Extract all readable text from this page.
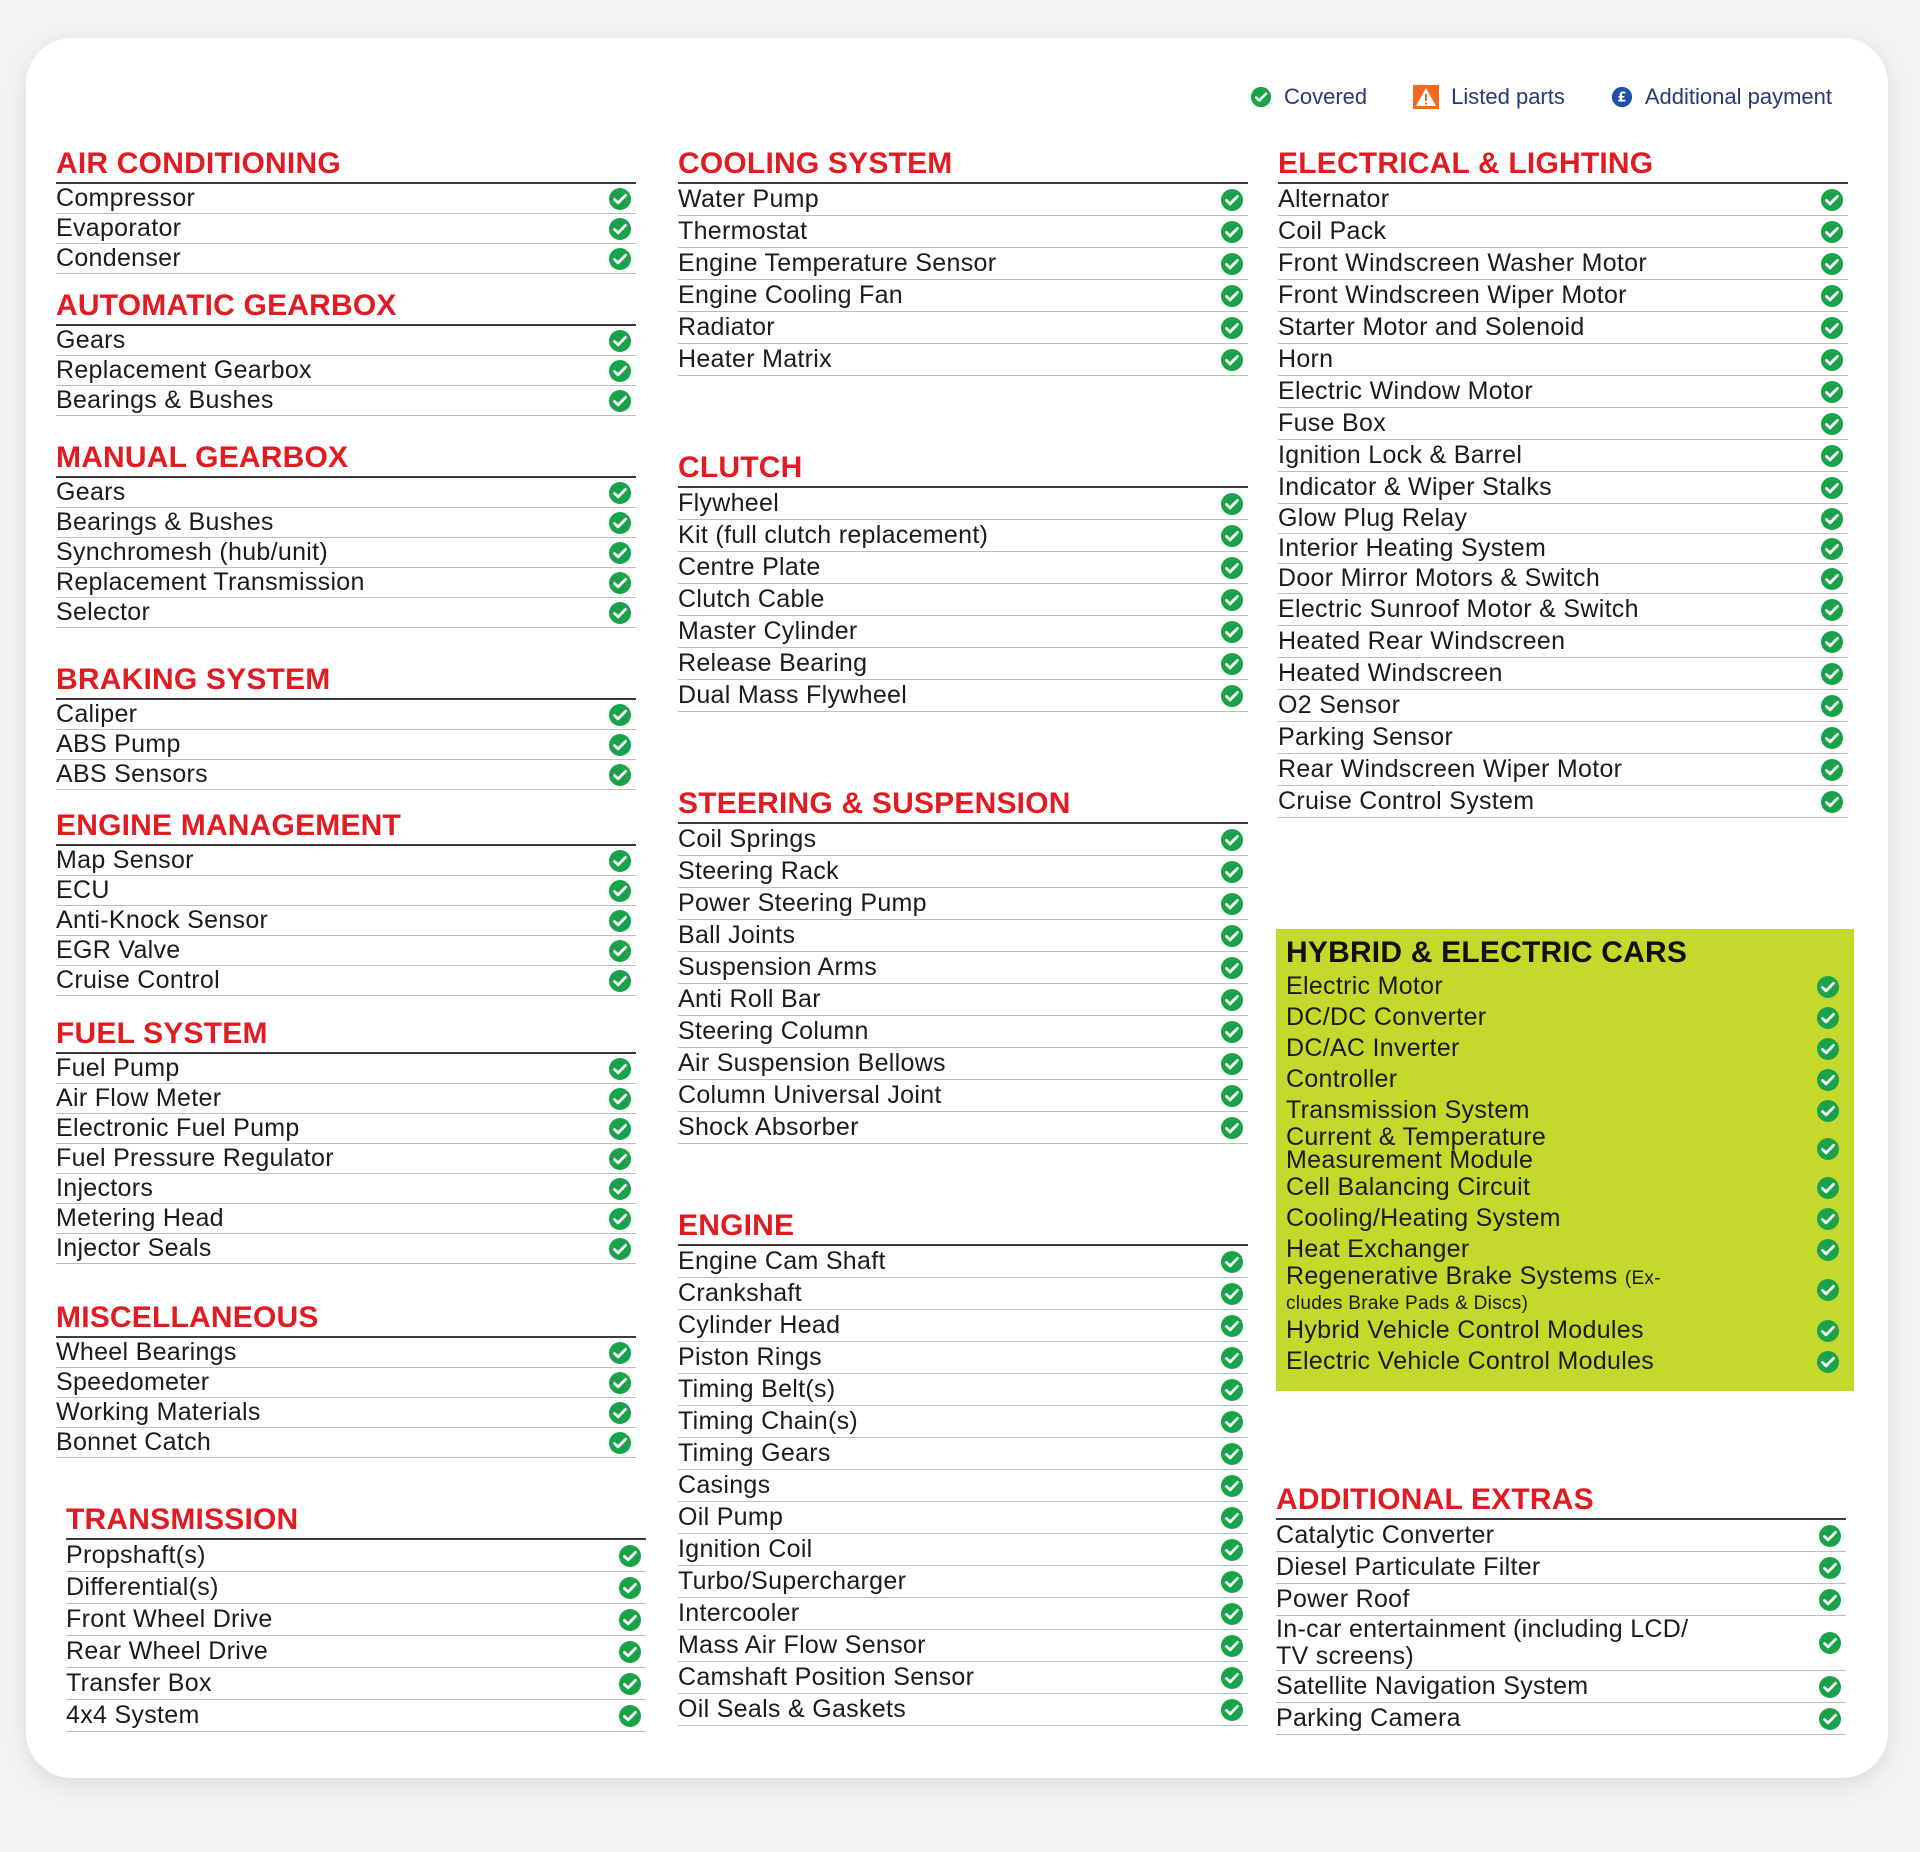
Covered	Listed parts	£ Additional payment
AIR CONDITIONING
Compressor
Evaporator
Condenser
AUTOMATIC GEARBOX
Gears
Replacement Gearbox
Bearings & Bushes
MANUAL GEARBOX
Gears
Bearings & Bushes
Synchromesh (hub/unit)
Replacement Transmission
Selector
BRAKING SYSTEM
Caliper
ABS Pump
ABS Sensors
ENGINE MANAGEMENT
Map Sensor
ECU
Anti-Knock Sensor
EGR Valve
Cruise Control
FUEL SYSTEM
Fuel Pump
Air Flow Meter
Electronic Fuel Pump
Fuel Pressure Regulator
Injectors
Metering Head
Injector Seals
MISCELLANEOUS
Wheel Bearings
Speedometer
Working Materials
Bonnet Catch
TRANSMISSION
Propshaft(s)
Differential(s)
Front Wheel Drive
Rear Wheel Drive
Transfer Box
4x4 System
COOLING SYSTEM
Water Pump
Thermostat
Engine Temperature Sensor
Engine Cooling Fan
Radiator
Heater Matrix
CLUTCH
Flywheel
Kit (full clutch replacement)
Centre Plate
Clutch Cable
Master Cylinder
Release Bearing
Dual Mass Flywheel
STEERING & SUSPENSION
Coil Springs
Steering Rack
Power Steering Pump
Ball Joints
Suspension Arms
Anti Roll Bar
Steering Column
Air Suspension Bellows
Column Universal Joint
Shock Absorber
ENGINE
Engine Cam Shaft
Crankshaft
Cylinder Head
Piston Rings
Timing Belt(s)
Timing Chain(s)
Timing Gears
Casings
Oil Pump
Ignition Coil
Turbo/Supercharger
Intercooler
Mass Air Flow Sensor
Camshaft Position Sensor
Oil Seals & Gaskets
ELECTRICAL & LIGHTING
Alternator
Coil Pack
Front Windscreen Washer Motor
Front Windscreen Wiper Motor
Starter Motor and Solenoid
Horn
Electric Window Motor
Fuse Box
Ignition Lock & Barrel
Indicator & Wiper Stalks
Glow Plug Relay
Interior Heating System
Door Mirror Motors & Switch
Electric Sunroof Motor & Switch
Heated Rear Windscreen
Heated Windscreen
O2 Sensor
Parking Sensor
Rear Windscreen Wiper Motor
Cruise Control System
ADDITIONAL EXTRAS
Catalytic Converter
Diesel Particulate Filter
Power Roof
In-car entertainment (including LCD/ TV screens)
Satellite Navigation System
Parking Camera
HYBRID & ELECTRIC CARS
Electric Motor
DC/DC Converter
DC/AC Inverter
Controller
Transmission System
Current & Temperature Measurement Module
Cell Balancing Circuit
Cooling/Heating System
Heat Exchanger
Regenerative Brake Systems (Ex- cludes Brake Pads & Discs)
Hybrid Vehicle Control Modules
Electric Vehicle Control Modules
